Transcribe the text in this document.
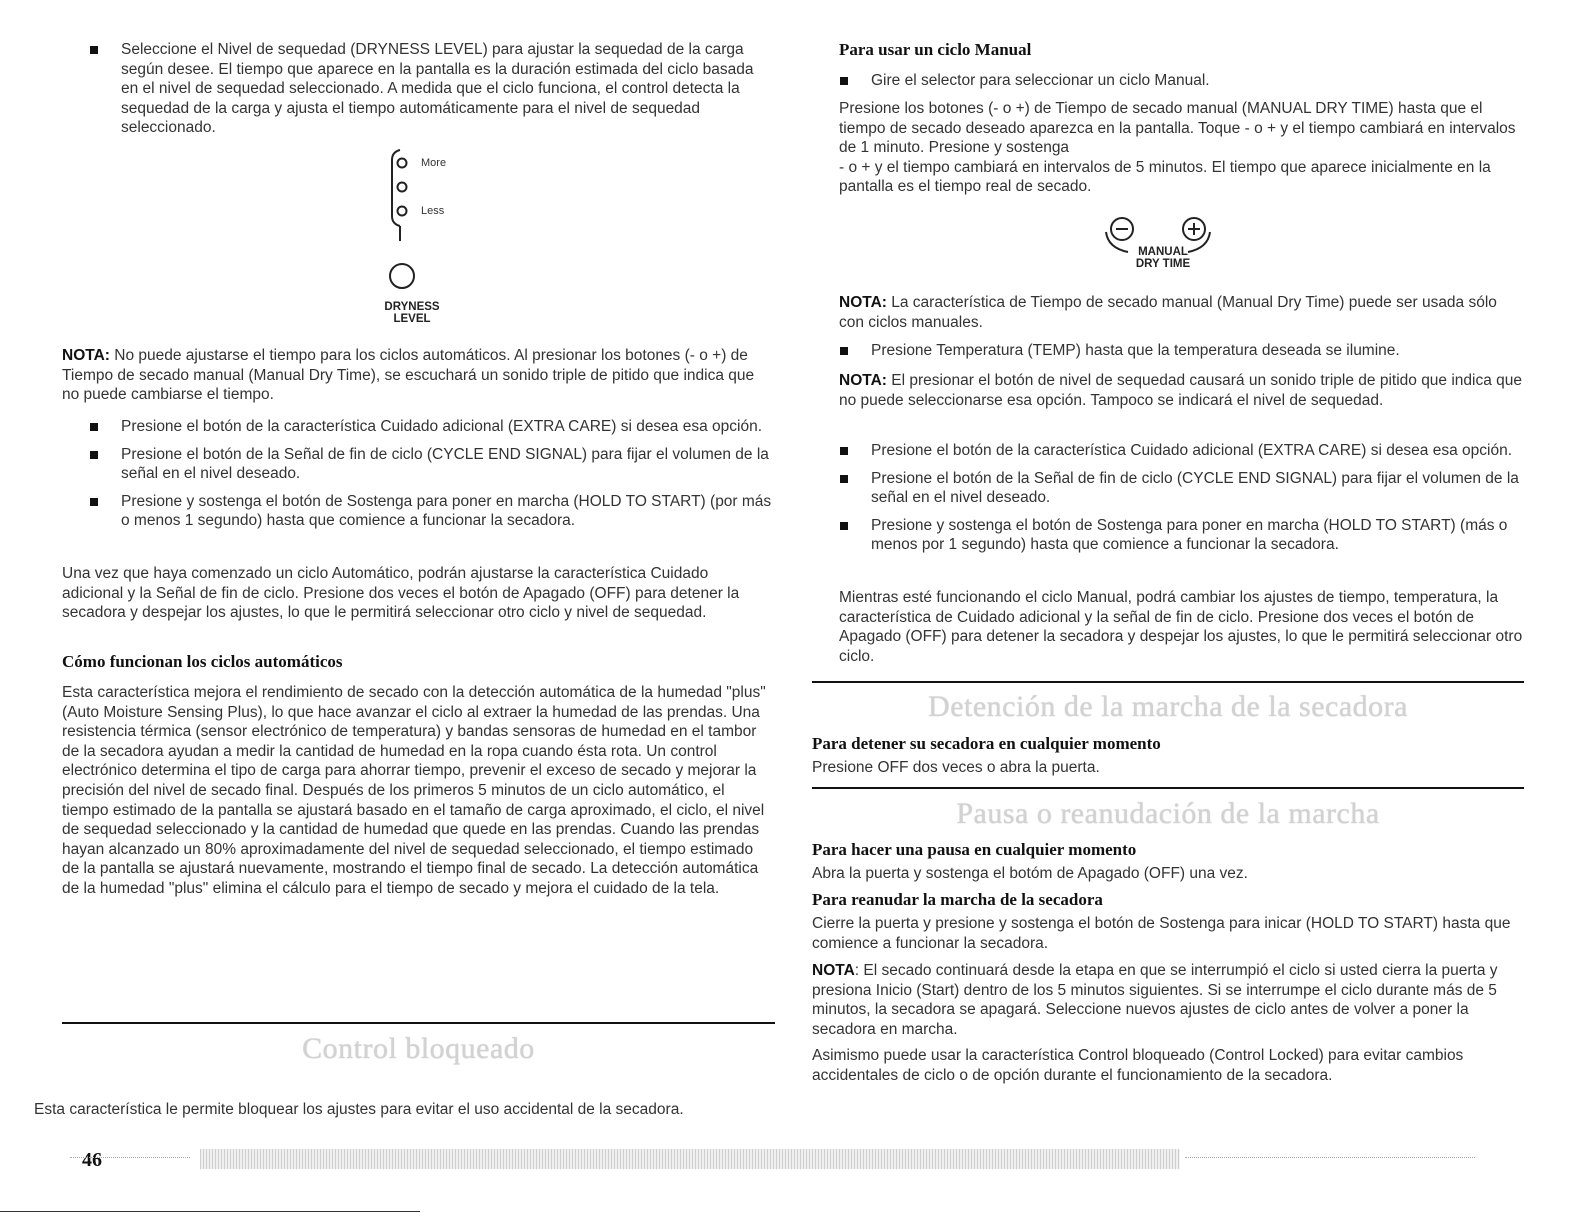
Seleccione el Nivel de sequedad (DRYNESS LEVEL) para ajustar la sequedad de la carga según desee. El tiempo que aparece en la pantalla es la duración estimada del ciclo basada en el nivel de sequedad seleccionado. A medida que el ciclo funciona, el control detecta la sequedad de la carga y ajusta el tiempo automáticamente para el nivel de sequedad seleccionado.
More
Less
DRYNESS
LEVEL

NOTA: No puede ajustarse el tiempo para los ciclos automáticos. Al presionar los botones (- o +) de Tiempo de secado manual (Manual Dry Time), se escuchará un sonido triple de pitido que indica que no puede cambiarse el tiempo.

Presione el botón de la característica Cuidado adicional (EXTRA CARE) si desea esa opción.
Presione el botón de la Señal de fin de ciclo (CYCLE END SIGNAL) para fijar el volumen de la señal en el nivel deseado.
Presione y sostenga el botón de Sostenga para poner en marcha (HOLD TO START) (por más o menos 1 segundo) hasta que comience a funcionar la secadora.

Una vez que haya comenzado un ciclo Automático, podrán ajustarse la característica Cuidado adicional y la Señal de fin de ciclo. Presione dos veces el botón de Apagado (OFF) para detener la secadora y despejar los ajustes, lo que le permitirá seleccionar otro ciclo y nivel de sequedad.

Cómo funcionan los ciclos automáticos

Esta característica mejora el rendimiento de secado con la detección automática de la humedad "plus" (Auto Moisture Sensing Plus), lo que hace avanzar el ciclo al extraer la humedad de las prendas. Una resistencia térmica (sensor electrónico de temperatura) y bandas sensoras de humedad en el tambor de la secadora ayudan a medir la cantidad de humedad en la ropa cuando ésta rota. Un control electrónico determina el tipo de carga para ahorrar tiempo, prevenir el exceso de secado y mejorar la precisión del nivel de secado final. Después de los primeros 5 minutos de un ciclo automático, el tiempo estimado de la pantalla se ajustará basado en el tamaño de carga aproximado, el ciclo, el nivel de sequedad seleccionado y la cantidad de humedad que quede en las prendas. Cuando las prendas hayan alcanzado un 80% aproximadamente del nivel de sequedad seleccionado, el tiempo estimado de la pantalla se ajustará nuevamente, mostrando el tiempo final de secado. La detección automática de la humedad "plus" elimina el cálculo para el tiempo de secado y mejora el cuidado de la tela.

Control bloqueado

Esta característica le permite bloquear los ajustes para evitar el uso accidental de la secadora.

46
Para usar un ciclo Manual
Gire el selector para seleccionar un ciclo Manual.

Presione los botones (- o +) de Tiempo de secado manual (MANUAL DRY TIME) hasta que el tiempo de secado deseado aparezca en la pantalla. Toque - o + y el tiempo cambiará en intervalos de 1 minuto. Presione y sostenga
- o + y el tiempo cambiará en intervalos de 5 minutos. El tiempo que aparece inicialmente en la pantalla es el tiempo real de secado.

MANUAL
DRY TIME

NOTA: La característica de Tiempo de secado manual (Manual Dry Time) puede ser usada sólo con ciclos manuales.

Presione Temperatura (TEMP) hasta que la temperatura deseada se ilumine.

NOTA: El presionar el botón de nivel de sequedad causará un sonido triple de pitido que indica que no puede seleccionarse esa opción. Tampoco se indicará el nivel de sequedad.

Presione el botón de la característica Cuidado adicional (EXTRA CARE) si desea esa opción.
Presione el botón de la Señal de fin de ciclo (CYCLE END SIGNAL) para fijar el volumen de la señal en el nivel deseado.
Presione y sostenga el botón de Sostenga para poner en marcha (HOLD TO START) (más o menos por 1 segundo) hasta que comience a funcionar la secadora.

Mientras esté funcionando el ciclo Manual, podrá cambiar los ajustes de tiempo, temperatura, la característica de Cuidado adicional y la señal de fin de ciclo. Presione dos veces el botón de Apagado (OFF) para detener la secadora y despejar los ajustes, lo que le permitirá seleccionar otro ciclo.

Detención de la marcha de la secadora
Para detener su secadora en cualquier momento

Presione OFF dos veces o abra la puerta.

Pausa o reanudación de la marcha
Para hacer una pausa en cualquier momento

Abra la puerta y sostenga el botóm de Apagado (OFF) una vez.

Para reanudar la marcha de la secadora

Cierre la puerta y presione y sostenga el botón de Sostenga para inicar (HOLD TO START) hasta que comience a funcionar la secadora.

NOTA: El secado continuará desde la etapa en que se interrumpió el ciclo si usted cierra la puerta y presiona Inicio (Start) dentro de los 5 minutos siguientes. Si se interrumpe el ciclo durante más de 5 minutos, la secadora se apagará. Seleccione nuevos ajustes de ciclo antes de volver a poner la secadora en marcha.

Asimismo puede usar la característica Control bloqueado (Control Locked) para evitar cambios accidentales de ciclo o de opción durante el funcionamiento de la secadora.
